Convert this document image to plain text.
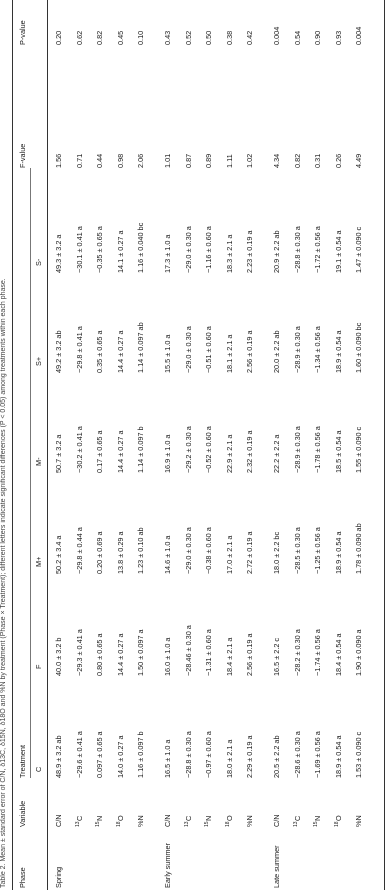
Table 2. Mean ± standard error of C/N, δ13C, δ15N, δ18O and %N by treatment (Phase × Treatment); different letters indicate significant differences (P < 0.05) among treatments within each phase. Phase
Variable
Treatment
F-value
P-value
C
F
M+
M-
S+
S-
Spring
C/N
48.9 ± 3.2 ab
40.0 ± 3.2 b
50.2 ± 3.4 a
50.7 ± 3.2 a
49.2 ± 3.2 ab
49.3 ± 3.2 a
1.56
0.20
$^{13}$C
−29.6 ± 0.41 a
−29.3 ± 0.41 a
−29.8 ± 0.44 a
−30.2 ± 0.41 a
−29.8 ± 0.41 a
−30.1 ± 0.41 a
0.71
0.62
$^{15}$N
0.097 ± 0.65 a
0.80 ± 0.65 a
0.20 ± 0.69 a
0.17 ± 0.65 a
0.35 ± 0.65 a
−0.35 ± 0.65 a
0.44
0.82
$^{18}$O
14.0 ± 0.27 a
14.4 ± 0.27 a
13.8 ± 0.29 a
14.4 ± 0.27 a
14.4 ± 0.27 a
14.1 ± 0.27 a
0.98
0.45
%N
1.16 ± 0.097 b
1.50 ± 0.097 a
1.23 ± 0.10 ab
1.14 ± 0.097 b
1.14 ± 0.097 ab
1.16 ± 0.040 bc
2.06
0.10
Early summer
C/N
16.5 ± 1.0 a
16.0 ± 1.0 a
14.6 ± 1.0 a
16.9 ± 1.0 a
15.5 ± 1.0 a
17.3 ± 1.0 a
1.01
0.43
$^{13}$C
−28.8 ± 0.30 a
−28.46 ± 0.30 a
−29.0 ± 0.30 a
−29.2 ± 0.30 a
−29.0 ± 0.30 a
−29.0 ± 0.30 a
0.87
0.52
$^{15}$N
−0.97 ± 0.60 a
−1.31 ± 0.60 a
−0.38 ± 0.60 a
−0.52 ± 0.60 a
−0.51 ± 0.60 a
−1.16 ± 0.60 a
0.89
0.50
$^{18}$O
18.0 ± 2.1 a
18.4 ± 2.1 a
17.0 ± 2.1 a
22.9 ± 2.1 a
18.1 ± 2.1 a
18.3 ± 2.1 a
1.11
0.38
%N
2.29 ± 0.19 a
2.56 ± 0.19 a
2.72 ± 0.19 a
2.32 ± 0.19 a
2.56 ± 0.19 a
2.23 ± 0.19 a
1.02
0.42
Late summer
C/N
20.5 ± 2.2 ab
16.5 ± 2.2 c
18.0 ± 2.2 bc
22.2 ± 2.2 a
20.0 ± 2.2 ab
20.9 ± 2.2 ab
4.34
0.004
$^{13}$C
−28.6 ± 0.30 a
−28.2 ± 0.30 a
−28.5 ± 0.30 a
−28.9 ± 0.30 a
−28.9 ± 0.30 a
−28.8 ± 0.30 a
0.82
0.54
$^{15}$N
−1.69 ± 0.56 a
−1.74 ± 0.56 a
−1.25 ± 0.56 a
−1.78 ± 0.56 a
−1.34 ± 0.56 a
−1.72 ± 0.56 a
0.31
0.90
$^{18}$O
18.9 ± 0.54 a
18.4 ± 0.54 a
18.9 ± 0.54 a
18.5 ± 0.54 a
18.9 ± 0.54 a
19.1 ± 0.54 a
0.26
0.93
%N
1.53 ± 0.090 c
1.90 ± 0.090 a
1.78 ± 0.090 ab
1.55 ± 0.090 c
1.60 ± 0.090 bc
1.47 ± 0.090 c
4.49
0.004
